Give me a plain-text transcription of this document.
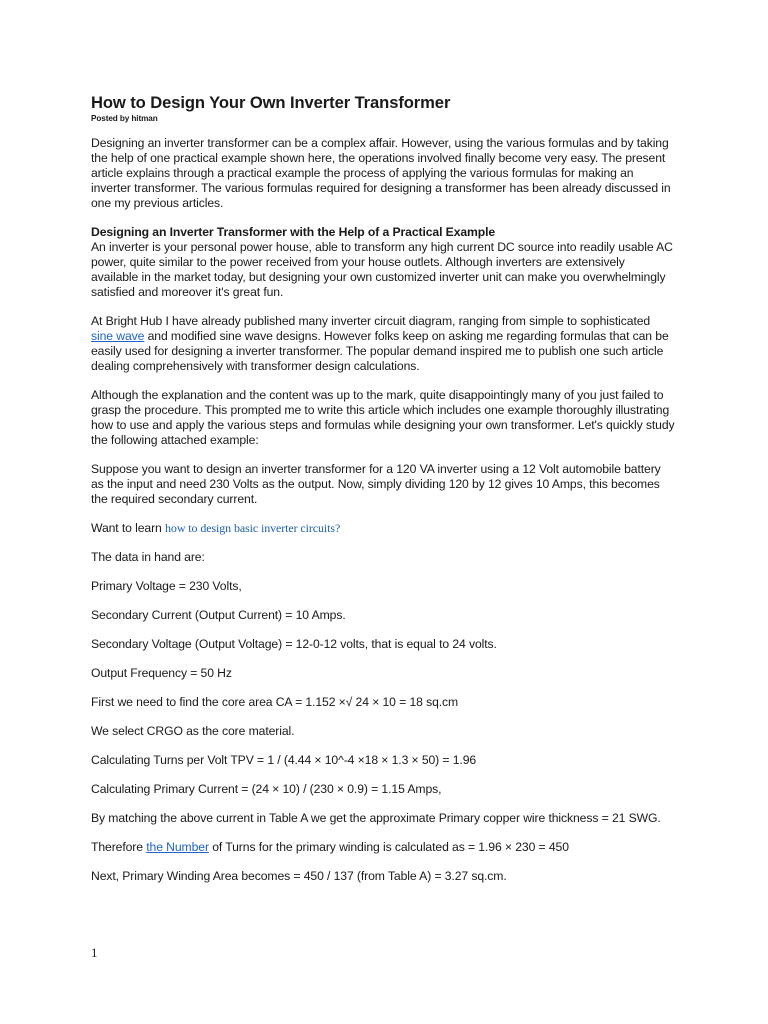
How to Design Your Own Inverter Transformer
Posted by hitman

Designing an inverter transformer can be a complex affair. However, using the various formulas and by taking the help of one practical example shown here, the operations involved finally become very easy. The present article explains through a practical example the process of applying the various formulas for making an inverter transformer. The various formulas required for designing a transformer has been already discussed in one my previous articles.

Designing an Inverter Transformer with the Help of a Practical Example

An inverter is your personal power house, able to transform any high current DC source into readily usable AC power, quite similar to the power received from your house outlets. Although inverters are extensively available in the market today, but designing your own customized inverter unit can make you overwhelmingly satisfied and moreover it's great fun.

At Bright Hub I have already published many inverter circuit diagram, ranging from simple to sophisticated sine wave and modified sine wave designs. However folks keep on asking me regarding formulas that can be easily used for designing a inverter transformer. The popular demand inspired me to publish one such article dealing comprehensively with transformer design calculations.

Although the explanation and the content was up to the mark, quite disappointingly many of you just failed to grasp the procedure. This prompted me to write this article which includes one example thoroughly illustrating how to use and apply the various steps and formulas while designing your own transformer. Let's quickly study the following attached example:

Suppose you want to design an inverter transformer for a 120 VA inverter using a 12 Volt automobile battery as the input and need 230 Volts as the output. Now, simply dividing 120 by 12 gives 10 Amps, this becomes the required secondary current.

Want to learn how to design basic inverter circuits?

The data in hand are:

Primary Voltage = 230 Volts,

Secondary Current (Output Current) = 10 Amps.

Secondary Voltage (Output Voltage) = 12-0-12 volts, that is equal to 24 volts.

Output Frequency = 50 Hz

First we need to find the core area CA = 1.152 ×√ 24 × 10 = 18 sq.cm

We select CRGO as the core material.

Calculating Turns per Volt TPV = 1 / (4.44 × 10^-4 ×18 × 1.3 × 50) = 1.96

Calculating Primary Current = (24 × 10) / (230 × 0.9) = 1.15 Amps,

By matching the above current in Table A we get the approximate Primary copper wire thickness = 21 SWG.

Therefore the Number of Turns for the primary winding is calculated as = 1.96 × 230 = 450

Next, Primary Winding Area becomes = 450 / 137 (from Table A) = 3.27 sq.cm.

1
